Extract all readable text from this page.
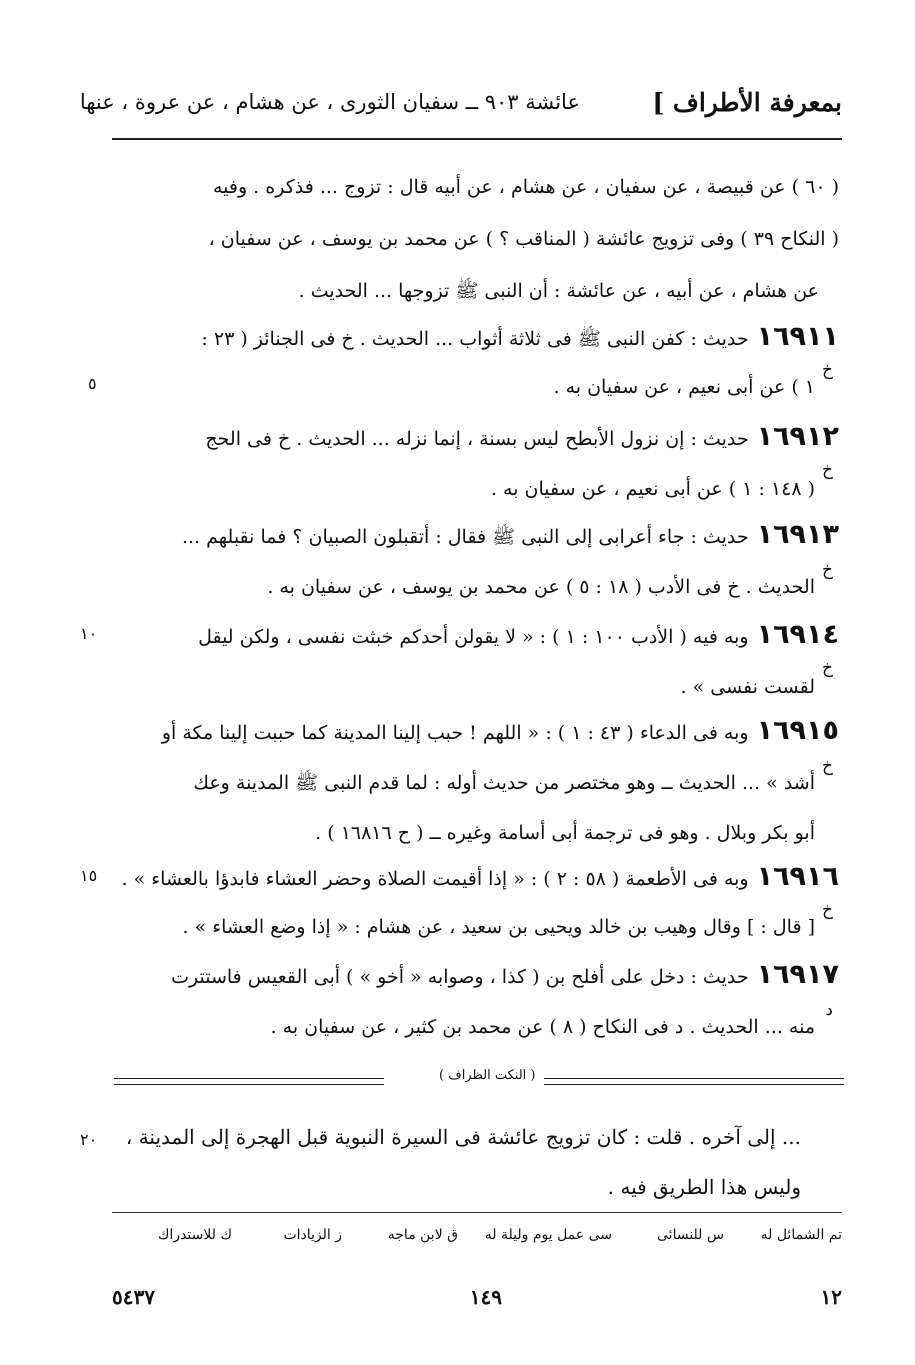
بمعرفة الأطراف ]
عائشة ٩٠٣ ــ سفيان الثورى ، عن هشام ، عن عروة ، عنها
( ٦٠ ) عن قبيصة ، عن سفيان ، عن هشام ، عن أبيه قال : تزوج ... فذكره . وفيه
( النكاح ٣٩ ) وفى تزويج عائشة ( المناقب ؟ ) عن محمد بن يوسف ، عن سفيان ،
عن هشام ، عن أبيه ، عن عائشة : أن النبى ﷺ تزوجها ... الحديث .
١٦٩١١حديث : كفن النبى ﷺ فى ثلاثة أثواب ... الحديث . خ فى الجنائز ( ٢٣ :
خ
١ ) عن أبى نعيم ، عن سفيان به .
١٦٩١٢حديث : إن نزول الأبطح ليس بسنة ، إنما نزله ... الحديث . خ فى الحج
خ
( ١٤٨ : ١ ) عن أبى نعيم ، عن سفيان به .
١٦٩١٣حديث : جاء أعرابى إلى النبى ﷺ فقال : أتقبلون الصبيان ؟ فما نقبلهم ...
خ
الحديث . خ فى الأدب ( ١٨ : ٥ ) عن محمد بن يوسف ، عن سفيان به .
١٦٩١٤وبه فيه ( الأدب ١٠٠ : ١ ) : « لا يقولن أحدكم خبثت نفسى ، ولكن ليقل
خ
لقست نفسى » .
١٦٩١٥وبه فى الدعاء ( ٤٣ : ١ ) : « اللهم ! حبب إلينا المدينة كما حببت إلينا مكة أو
خ
أشد » ... الحديث ــ وهو مختصر من حديث أوله : لما قدم النبى ﷺ المدينة وعك
أبو بكر وبلال . وهو فى ترجمة أبى أسامة وغيره ــ ( ح ١٦٨١٦ ) .
١٦٩١٦وبه فى الأطعمة ( ٥٨ : ٢ ) : « إذا أقيمت الصلاة وحضر العشاء فابدؤا بالعشاء » .
خ
[ قال : ] وقال وهيب بن خالد ويحيى بن سعيد ، عن هشام : « إذا وضع العشاء » .
١٦٩١٧حديث : دخل على أفلح بن ( كذا ، وصوابه « أخو » ) أبى القعيس فاستترت
د
منه ... الحديث . د فى النكاح ( ٨ ) عن محمد بن كثير ، عن سفيان به .
٥
١٠
١٥
٢٠
( النكت الظراف )
... إلى آخره . قلت : كان تزويج عائشة فى السيرة النبوية قبل الهجرة إلى المدينة ،
وليس هذا الطريق فيه .
تم الشمائل له
س للنسائى
سى عمل يوم وليلة له
ق لابن ماجه
ز الزيادات
ك للاستدراك
١٢
١٤٩
٥٤٣٧
